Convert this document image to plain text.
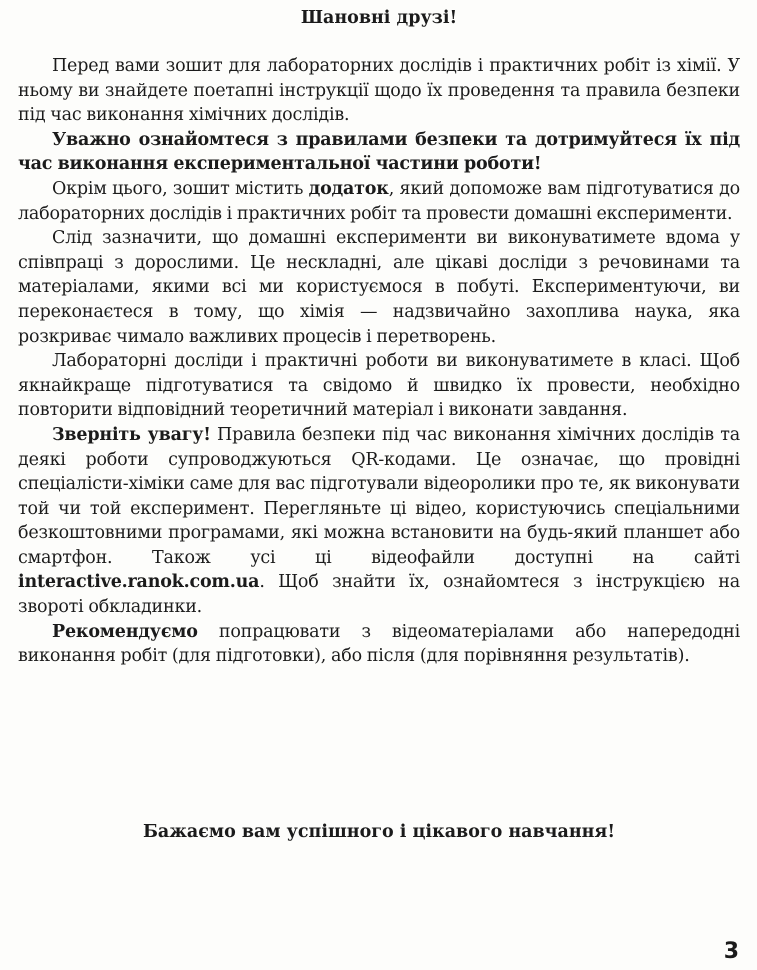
Шановні друзі!

Перед вами зошит для лабораторних дослідів і практичних робіт із хімії. У ньому ви знайдете поетапні інструкції щодо їх проведення та правила безпеки під час виконання хімічних дослідів.

Уважно ознайомтеся з правилами безпеки та дотримуйтеся їх під час виконання експериментальної частини роботи!

Окрім цього, зошит містить додаток, який допоможе вам підготуватися до лабораторних дослідів і практичних робіт та провести домашні експерименти.

Слід зазначити, що домашні експерименти ви виконуватимете вдома у співпраці з дорослими. Це нескладні, але цікаві досліди з речовинами та матеріалами, якими всі ми користуємося в побуті. Експериментуючи, ви переконаєтеся в тому, що хімія — надзвичайно захоплива наука, яка розкриває чимало важливих процесів і перетворень.

Лабораторні досліди і практичні роботи ви виконуватимете в класі. Щоб якнайкраще підготуватися та свідомо й швидко їх провести, необхідно повторити відповідний теоретичний матеріал і виконати завдання.

Зверніть увагу! Правила безпеки під час виконання хімічних дослідів та деякі роботи супроводжуються QR-кодами. Це означає, що провідні спеціалісти-хіміки саме для вас підготували відеоролики про те, як виконувати той чи той експеримент. Перегляньте ці відео, користуючись спеціальними безкоштовними програмами, які можна встановити на будь-який планшет або смартфон. Також усі ці відеофайли доступні на сайті interactive.ranok.com.ua. Щоб знайти їх, ознайомтеся з інструкцією на звороті обкладинки.

Рекомендуємо попрацювати з відеоматеріалами або напередодні виконання робіт (для підготовки), або після (для порівняння результатів).

Бажаємо вам успішного і цікавого навчання!
3
